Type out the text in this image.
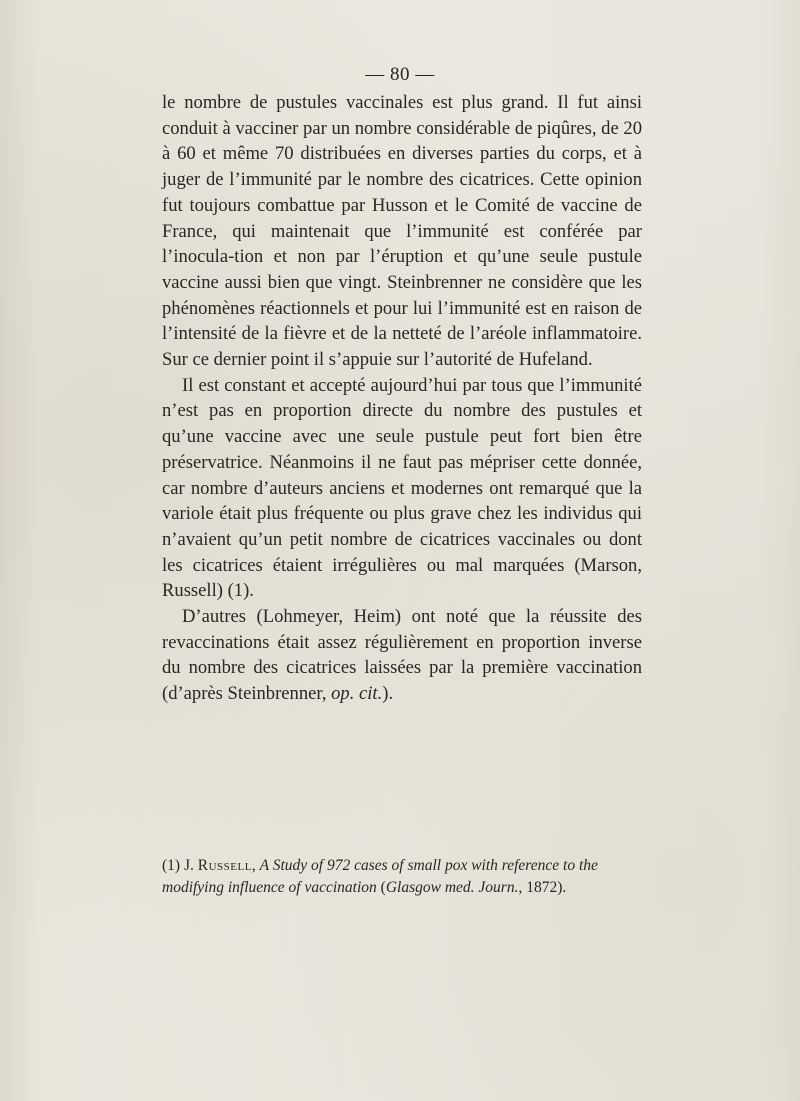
— 80 —

le nombre de pustules vaccinales est plus grand. Il fut ainsi conduit à vacciner par un nombre considérable de piqûres, de 20 à 60 et même 70 distribuées en diverses parties du corps, et à juger de l’immunité par le nombre des cicatrices. Cette opinion fut toujours combattue par Husson et le Comité de vaccine de France, qui maintenait que l’immunité est conférée par l’inocula-tion et non par l’éruption et qu’une seule pustule vaccine aussi bien que vingt. Steinbrenner ne considère que les phénomènes réactionnels et pour lui l’immunité est en raison de l’intensité de la fièvre et de la netteté de l’aréole inflammatoire. Sur ce dernier point il s’appuie sur l’autorité de Hufeland.

Il est constant et accepté aujourd’hui par tous que l’immunité n’est pas en proportion directe du nombre des pustules et qu’une vaccine avec une seule pustule peut fort bien être préservatrice. Néanmoins il ne faut pas mépriser cette donnée, car nombre d’auteurs anciens et modernes ont remarqué que la variole était plus fréquente ou plus grave chez les individus qui n’avaient qu’un petit nombre de cicatrices vaccinales ou dont les cicatrices étaient irrégulières ou mal marquées (Marson, Russell) (1).

D’autres (Lohmeyer, Heim) ont noté que la réussite des revaccinations était assez régulièrement en proportion inverse du nombre des cicatrices laissées par la première vaccination (d’après Steinbrenner, op. cit.).

(1) J. Russell, A Study of 972 cases of small pox with reference to the modifying influence of vaccination (Glasgow med. Journ., 1872).
